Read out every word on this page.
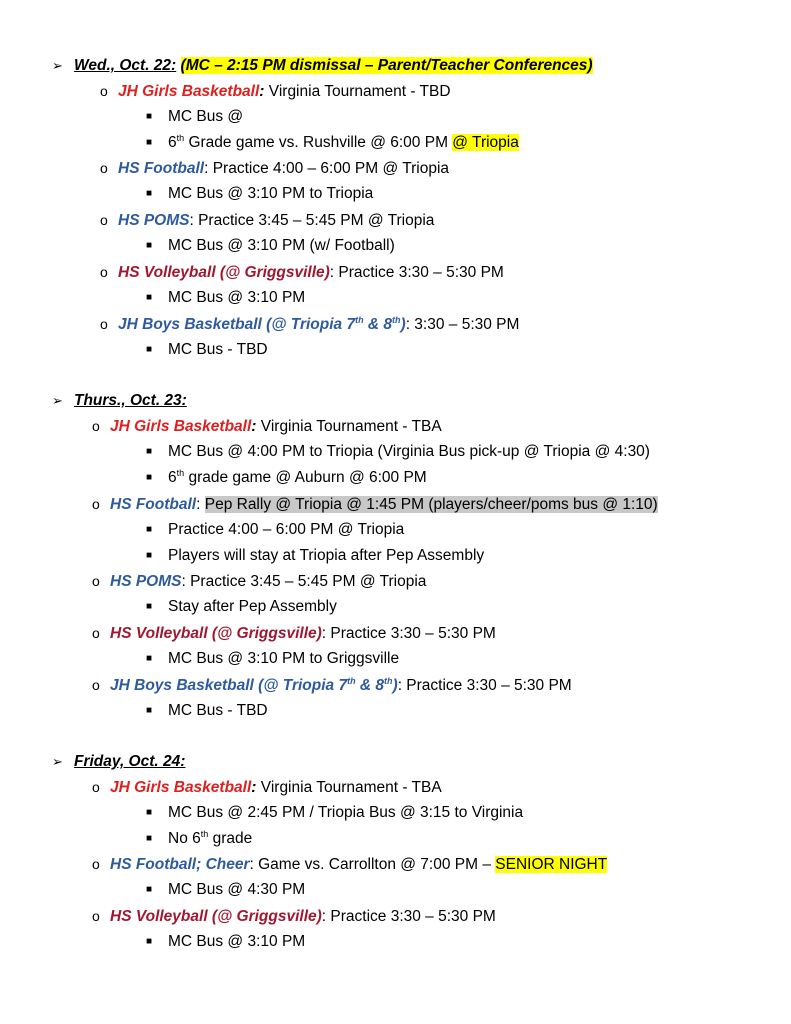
➢ Wed., Oct. 22: (MC – 2:15 PM dismissal – Parent/Teacher Conferences)
o JH Girls Basketball: Virginia Tournament - TBD
■ MC Bus @
■ 6th Grade game vs. Rushville @ 6:00 PM @ Triopia
o HS Football: Practice 4:00 – 6:00 PM @ Triopia
■ MC Bus @ 3:10 PM to Triopia
o HS POMS: Practice 3:45 – 5:45 PM @ Triopia
■ MC Bus @ 3:10 PM (w/ Football)
o HS Volleyball (@ Griggsville): Practice 3:30 – 5:30 PM
■ MC Bus @ 3:10 PM
o JH Boys Basketball (@ Triopia 7th & 8th): 3:30 – 5:30 PM
■ MC Bus - TBD
➢ Thurs., Oct. 23:
o JH Girls Basketball: Virginia Tournament - TBA
■ MC Bus @ 4:00 PM to Triopia (Virginia Bus pick-up @ Triopia @ 4:30)
■ 6th grade game @ Auburn @ 6:00 PM
o HS Football: Pep Rally @ Triopia @ 1:45 PM (players/cheer/poms bus @ 1:10)
■ Practice 4:00 – 6:00 PM @ Triopia
■ Players will stay at Triopia after Pep Assembly
o HS POMS: Practice 3:45 – 5:45 PM @ Triopia
■ Stay after Pep Assembly
o HS Volleyball (@ Griggsville): Practice 3:30 – 5:30 PM
■ MC Bus @ 3:10 PM to Griggsville
o JH Boys Basketball (@ Triopia 7th & 8th): Practice 3:30 – 5:30 PM
■ MC Bus - TBD
➢ Friday, Oct. 24:
o JH Girls Basketball: Virginia Tournament - TBA
■ MC Bus @ 2:45 PM / Triopia Bus @ 3:15 to Virginia
■ No 6th grade
o HS Football; Cheer: Game vs. Carrollton @ 7:00 PM – SENIOR NIGHT
■ MC Bus @ 4:30 PM
o HS Volleyball (@ Griggsville): Practice 3:30 – 5:30 PM
■ MC Bus @ 3:10 PM
